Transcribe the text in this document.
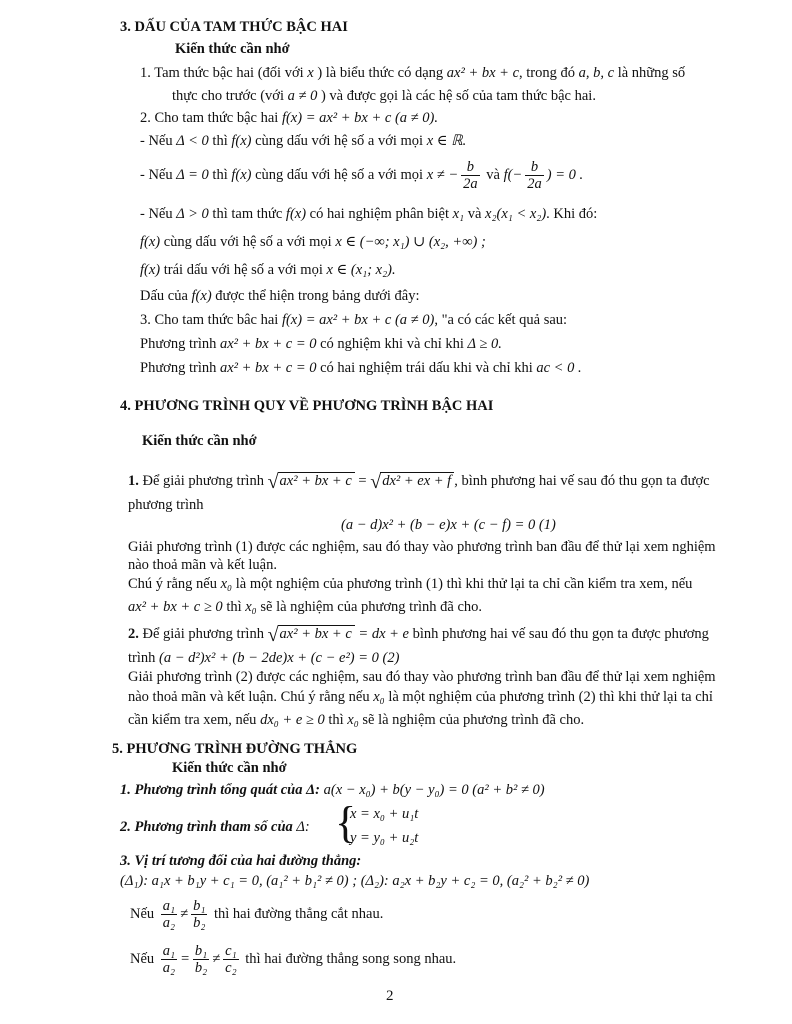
3. DẤU CỦA TAM THỨC BẬC HAI
Kiến thức cần nhớ
1. Tam thức bậc hai (đối với x ) là biểu thức có dạng ax² + bx + c, trong đó a, b, c là những số
thực cho trước (với a ≠ 0 ) và được gọi là các hệ số của tam thức bậc hai.
2. Cho tam thức bậc hai f(x) = ax² + bx + c (a ≠ 0).
- Nếu Δ < 0 thì f(x) cùng dấu với hệ số a với mọi x ∈ ℝ.
- Nếu Δ = 0 thì f(x) cùng dấu với hệ số a với mọi x ≠ − $\frac{b}{2a}$ và $f(- \frac{b}{2a}$ ) = 0 .
- Nếu Δ > 0 thì tam thức f(x) có hai nghiệm phân biệt x₁ và x₂(x₁ < x₂). Khi đó:
f(x) cùng dấu với hệ số a với mọi x ∈ (−∞; x₁) ∪ (x₂, +∞) ;
f(x) trái dấu với hệ số a với mọi x ∈ (x₁; x₂).
Dấu của f(x) được thể hiện trong bảng dưới đây:
3. Cho tam thức bâc hai f(x) = ax² + bx + c (a ≠ 0), "a có các kết quả sau:
Phương trình ax² + bx + c = 0 có nghiệm khi và chỉ khi Δ ≥ 0.
Phương trình ax² + bx + c = 0 có hai nghiệm trái dấu khi và chỉ khi ac < 0 .
4. PHƯƠNG TRÌNH QUY VỀ PHƯƠNG TRÌNH BẬC HAI
Kiến thức cần nhớ
1. Để giải phương trình √ax² + bx + c = √dx² + ex + f , bình phương hai vế sau đó thu gọn ta được
phương trình
(a − d)x² + (b − e)x + (c − f) = 0 (1)
Giải phương trình (1) được các nghiệm, sau đó thay vào phương trình ban đầu để thử lại xem nghiệm
nào thoả mãn và kết luận.
Chú ý rằng nếu x₀ là một nghiệm của phương trình (1) thì khi thử lại ta chỉ cần kiểm tra xem, nếu
ax² + bx + c ≥ 0 thì x₀ sẽ là nghiệm của phương trình đã cho.
2. Để giải phương trình √ax² + bx + c = dx + e bình phương hai vế sau đó thu gọn ta được phương
trình (a − d²)x² + (b − 2de)x + (c − e²) = 0 (2)
Giải phương trình (2) được các nghiệm, sau đó thay vào phương trình ban đầu để thử lại xem nghiệm
nào thoả mãn và kết luận. Chú ý rằng nếu x₀ là một nghiệm của phương trình (2) thì khi thử lại ta chỉ
cần kiểm tra xem, nếu dx₀ + e ≥ 0 thì x₀ sẽ là nghiệm của phương trình đã cho.
5. PHƯƠNG TRÌNH ĐƯỜNG THẲNG
Kiến thức cần nhớ
1. Phương trình tổng quát của Δ: a(x − x₀) + b(y − y₀) = 0 (a² + b² ≠ 0)
2. Phương trình tham số của Δ: {
x = x₀ + u₁t
y = y₀ + u₂t
3. Vị trí tương đối của hai đường thẳng:
(Δ₁): a₁x + b₁y + c₁ = 0, (a₁² + b₁² ≠ 0) ; (Δ₂): a₂x + b₂y + c₂ = 0, (a₂² + b₂² ≠ 0)
Nếu $\frac{\text{a₁}}{\text{a₂}} \ne \frac{\text{b₁}}{\text{b₂}}$ thì hai đường thẳng cắt nhau.
Nếu $\frac{\text{a₁}}{\text{a₂}} = \frac{\text{b₁}}{\text{b₂}} \ne \frac{\text{c₁}}{\text{c₂}}$ thì hai đường thẳng song song nhau.
2
